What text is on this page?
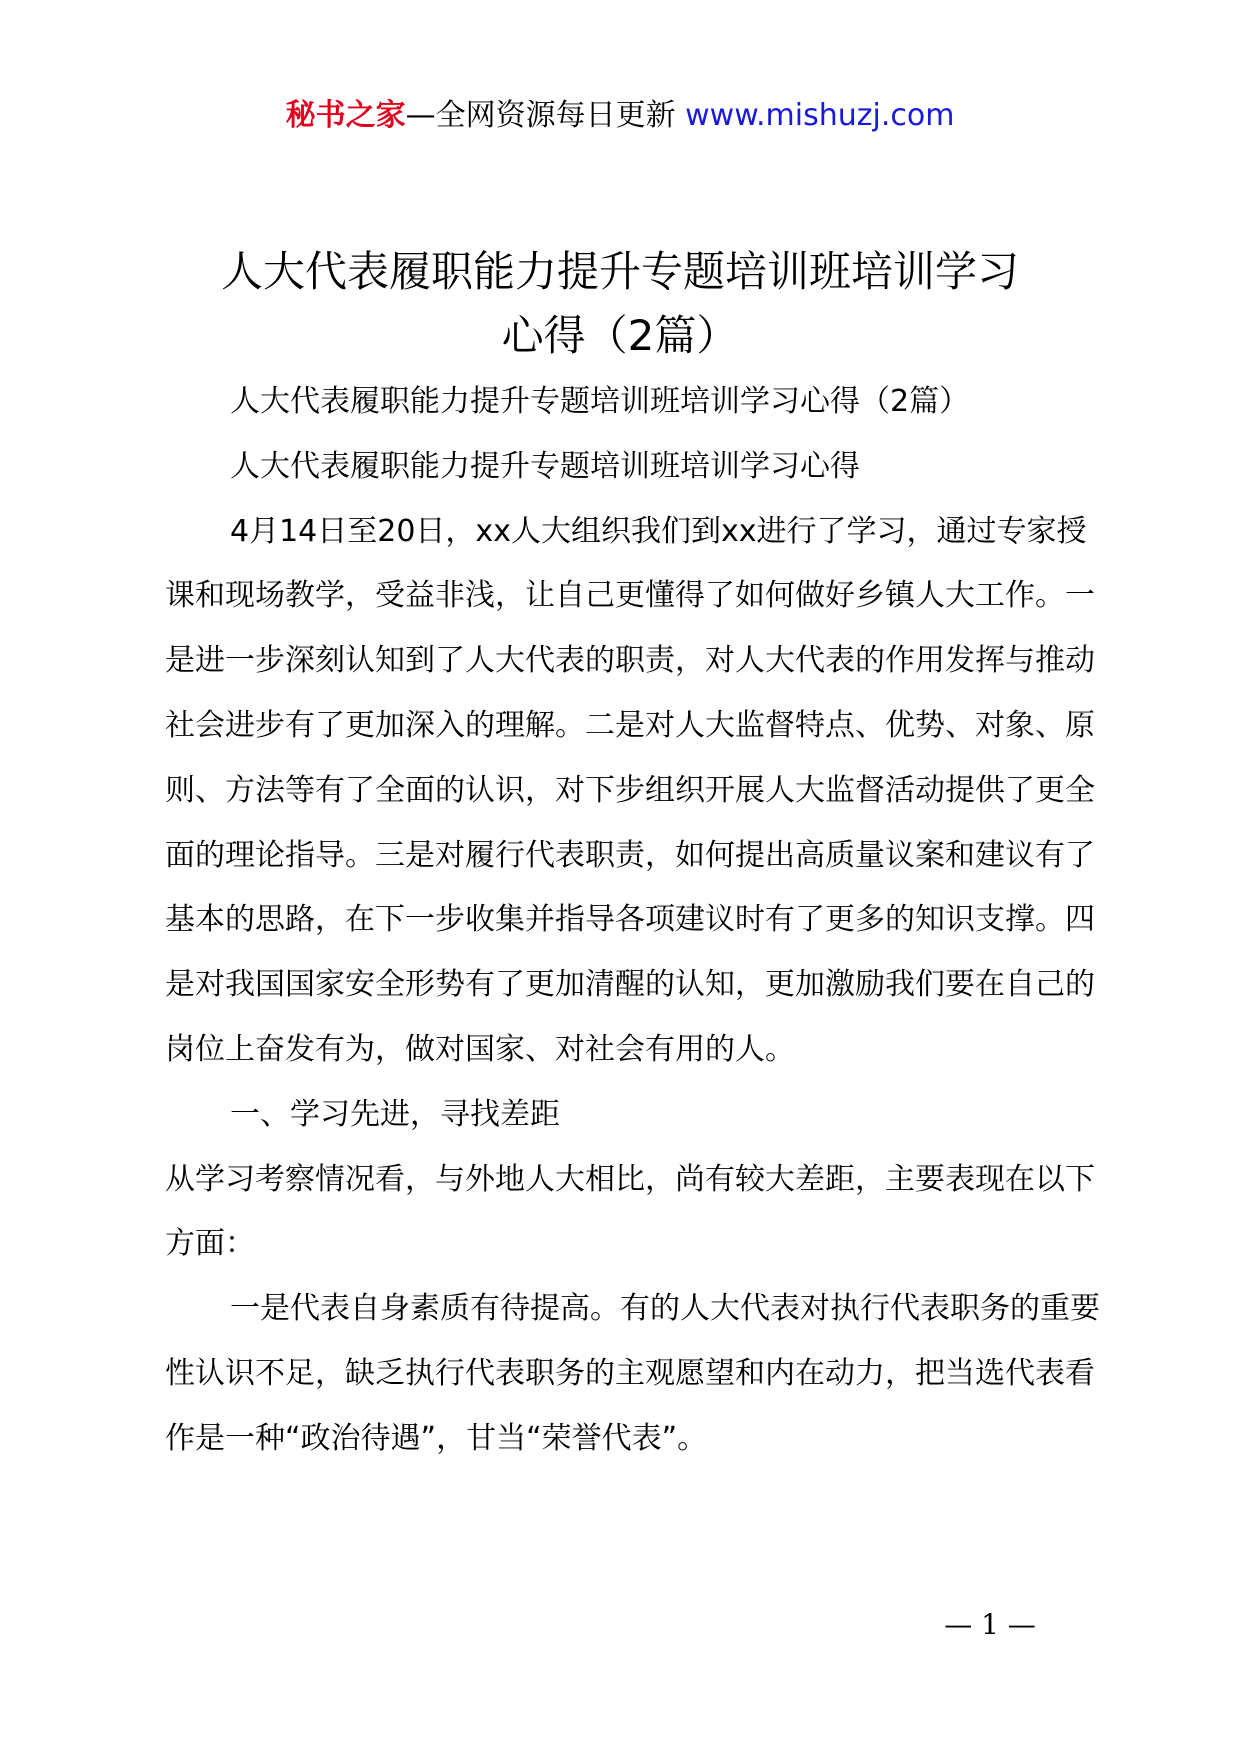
秘书之家—全网资源每日更新 www.mishuzj.com
人大代表履职能力提升专题培训班培训学习
心得（2篇）

人大代表履职能力提升专题培训班培训学习心得（2篇）

人大代表履职能力提升专题培训班培训学习心得

4月14日至20日，xx人大组织我们到xx进行了学习，通过专家授课和现场教学，受益非浅，让自己更懂得了如何做好乡镇人大工作。一是进一步深刻认知到了人大代表的职责，对人大代表的作用发挥与推动社会进步有了更加深入的理解。二是对人大监督特点、优势、对象、原则、方法等有了全面的认识，对下步组织开展人大监督活动提供了更全面的理论指导。三是对履行代表职责，如何提出高质量议案和建议有了基本的思路，在下一步收集并指导各项建议时有了更多的知识支撑。四是对我国国家安全形势有了更加清醒的认知，更加激励我们要在自己的岗位上奋发有为，做对国家、对社会有用的人。

一、学习先进，寻找差距

从学习考察情况看，与外地人大相比，尚有较大差距，主要表现在以下方面：

一是代表自身素质有待提高。有的人大代表对执行代表职务的重要性认识不足，缺乏执行代表职务的主观愿望和内在动力，把当选代表看作是一种“政治待遇”，甘当“荣誉代表”。

— 1 —
